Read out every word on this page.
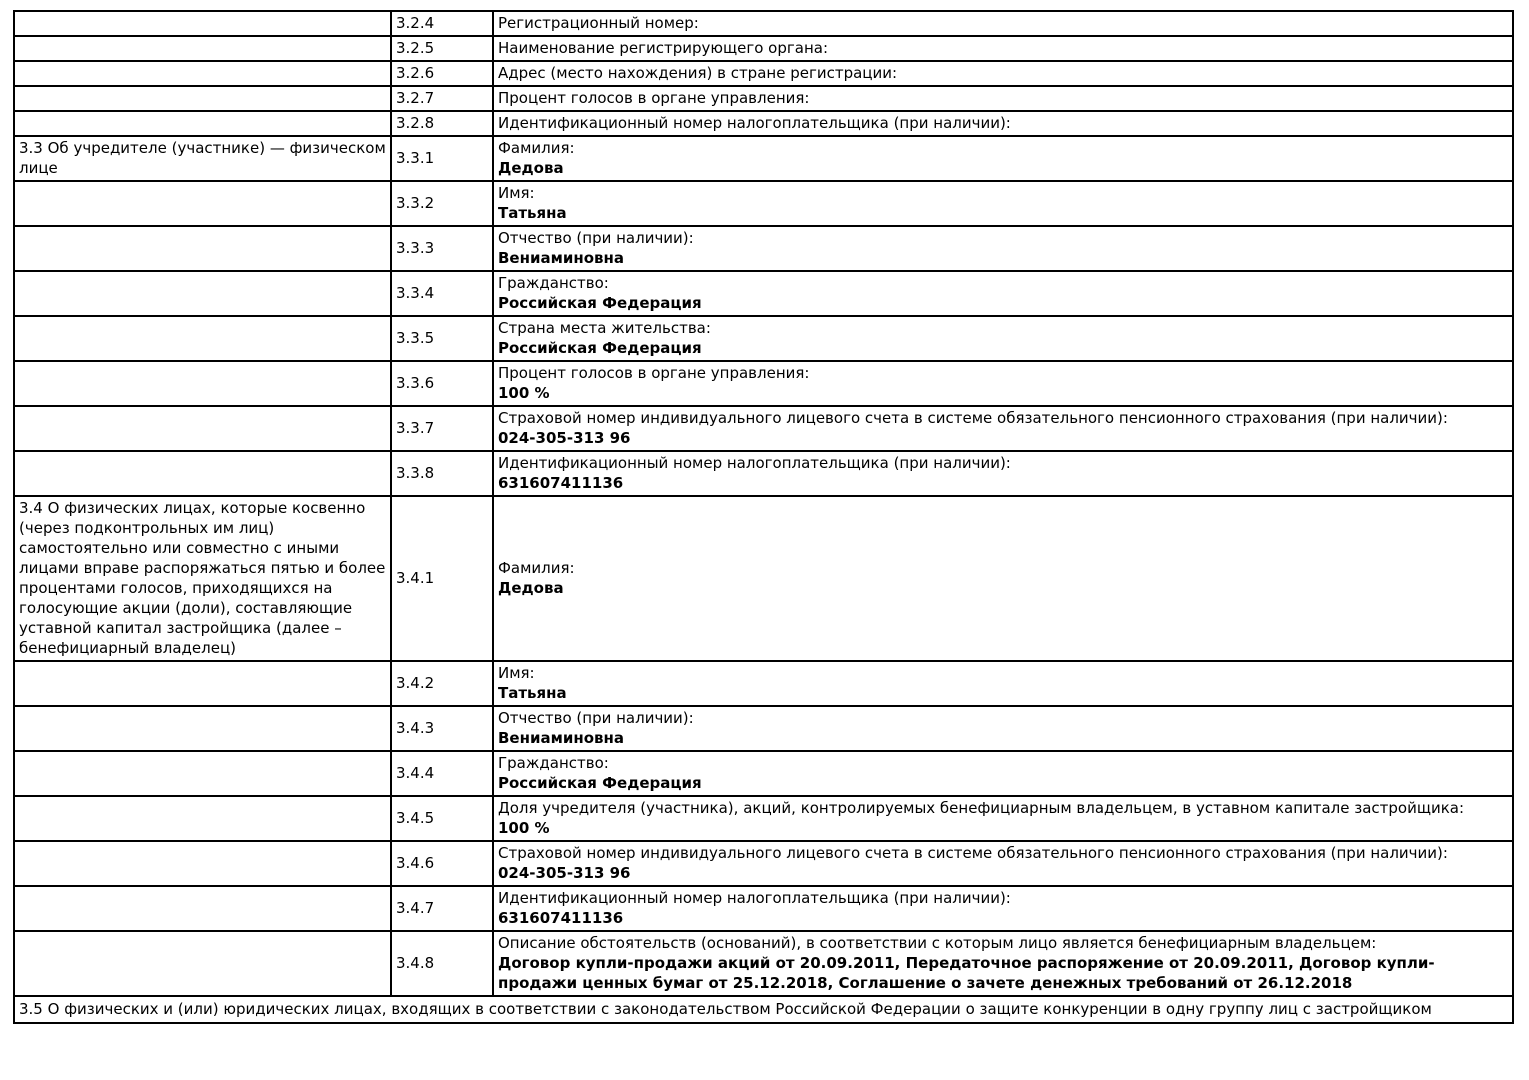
	3.2.4	Регистрационный номер:

	3.2.5	Наименование регистрирующего органа:

	3.2.6	Адрес (место нахождения) в стране регистрации:

	3.2.7	Процент голосов в органе управления:

	3.2.8	Идентификационный номер налогоплательщика (при наличии):

3.3 Об учредителе (участнике) — физическом лице	3.3.1	Фамилия:
Дедова

	3.3.2	Имя:
Татьяна

	3.3.3	Отчество (при наличии):
Вениаминовна

	3.3.4	Гражданство:
Российская Федерация

	3.3.5	Страна места жительства:
Российская Федерация

	3.3.6	Процент голосов в органе управления:
100 %

	3.3.7	Страховой номер индивидуального лицевого счета в системе обязательного пенсионного страхования (при наличии):
024-305-313 96

	3.3.8	Идентификационный номер налогоплательщика (при наличии):
631607411136

3.4 О физических лицах, которые косвенно (через подконтрольных им лиц) самостоятельно или совместно с иными лицами вправе распоряжаться пятью и более процентами голосов, приходящихся на голосующие акции (доли), составляющие уставной капитал застройщика (далее – бенефициарный владелец)	3.4.1	Фамилия:
Дедова

	3.4.2	Имя:
Татьяна

	3.4.3	Отчество (при наличии):
Вениаминовна

	3.4.4	Гражданство:
Российская Федерация

	3.4.5	Доля учредителя (участника), акций, контролируемых бенефициарным владельцем, в уставном капитале застройщика:
100 %

	3.4.6	Страховой номер индивидуального лицевого счета в системе обязательного пенсионного страхования (при наличии):
024-305-313 96

	3.4.7	Идентификационный номер налогоплательщика (при наличии):
631607411136

	3.4.8	Описание обстоятельств (оснований), в соответствии с которым лицо является бенефициарным владельцем:
Договор купли-продажи акций от 20.09.2011, Передаточное распоряжение от 20.09.2011, Договор купли-продажи ценных бумаг от 25.12.2018, Соглашение о зачете денежных требований от 26.12.2018

3.5 О физических и (или) юридических лицах, входящих в соответствии с законодательством Российской Федерации о защите конкуренции в одну группу лиц с застройщиком		
